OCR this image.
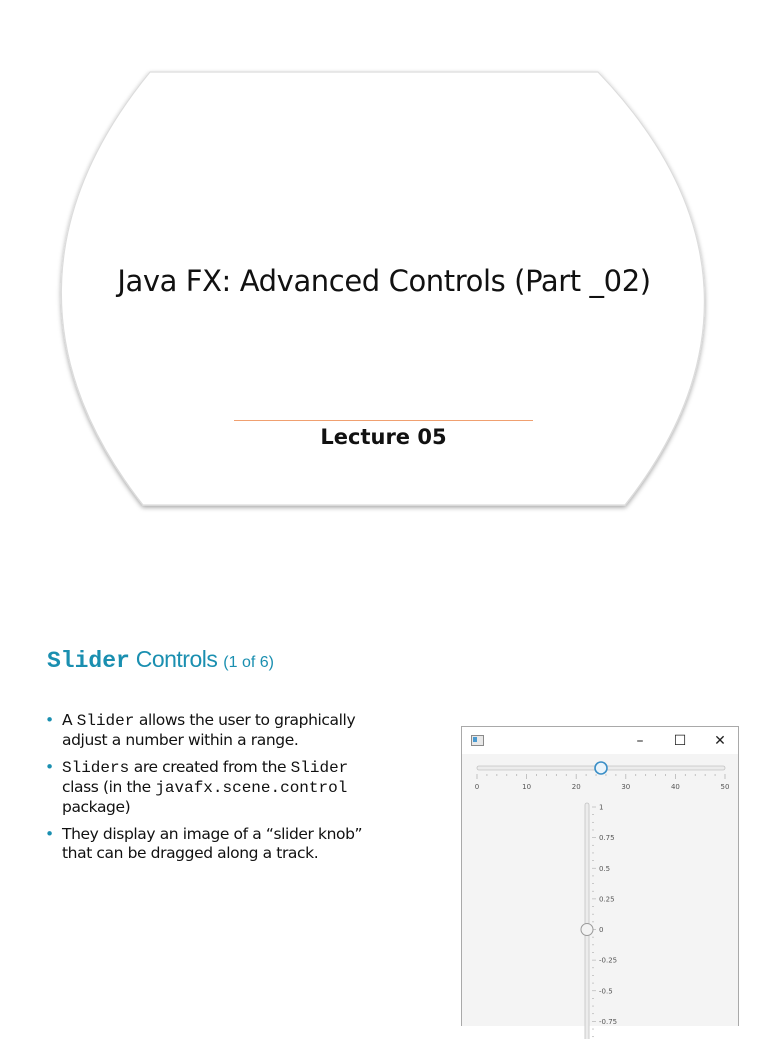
Java FX: Advanced Controls (Part _02)
Lecture 05
Slider Controls (1 of 6)
• A Slider allows the user to graphically
adjust a number within a range.
• Sliders are created from the Slider
class (in the javafx.scene.control
package)
• They display an image of a “slider knob”
that can be dragged along a track.
–	☐	✕
0	10	20	30	40	50
1
0.75
0.5
0.25
0
-0.25
-0.5
-0.75
